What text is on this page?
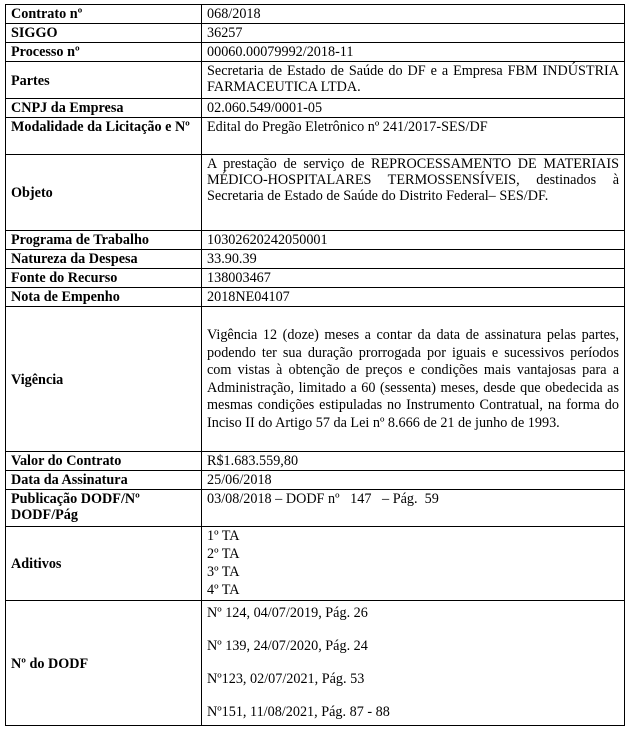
Contrato nº	068/2018
SIGGO	36257
Processo nº	00060.00079992/2018-11
Partes	Secretaria de Estado de Saúde do DF e a Empresa FBM INDÚSTRIA FARMACEUTICA LTDA.
CNPJ da Empresa	02.060.549/0001-05
Modalidade da Licitação e Nº	Edital do Pregão Eletrônico nº 241/2017-SES/DF
Objeto	A prestação de serviço de REPROCESSAMENTO DE MATERIAIS MÉDICO-HOSPITALARES TERMOSSENSÍVEIS, destinados à Secretaria de Estado de Saúde do Distrito Federal– SES/DF.
Programa de Trabalho	10302620242050001
Natureza da Despesa	33.90.39
Fonte do Recurso	138003467
Nota de Empenho	2018NE04107
Vigência	Vigência 12 (doze) meses a contar da data de assinatura pelas partes, podendo ter sua duração prorrogada por iguais e sucessivos períodos com vistas à obtenção de preços e condições mais vantajosas para a Administração, limitado a 60 (sessenta) meses, desde que obedecida as mesmas condições estipuladas no Instrumento Contratual, na forma do Inciso II do Artigo 57 da Lei nº 8.666 de 21 de junho de 1993.
Valor do Contrato	R$1.683.559,80
Data da Assinatura	25/06/2018
Publicação DODF/Nº DODF/Pág	03/08/2018 – DODF nº   147   – Pág.  59
Aditivos	1º TA
2º TA
3º TA
4º TA

Nº do DODF	Nº 124, 04/07/2019, Pág. 26
Nº 139, 24/07/2020, Pág. 24
Nº123, 02/07/2021, Pág. 53
Nº151, 11/08/2021, Pág. 87 - 88
